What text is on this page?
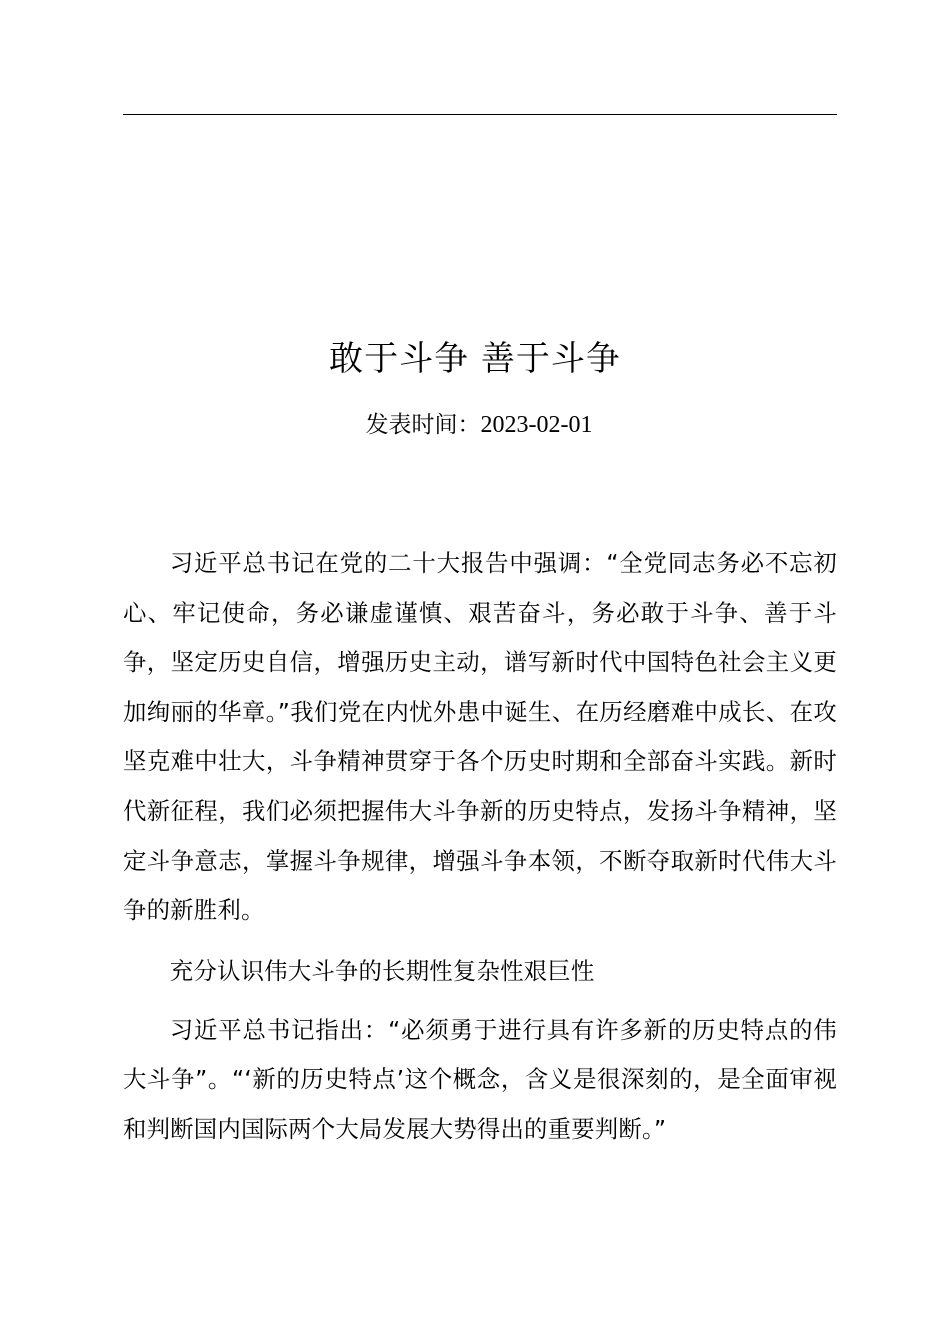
敢于斗争 善于斗争
发表时间：2023-02-01

习近平总书记在党的二十大报告中强调：“全党同志务必不忘初心、牢记使命，务必谦虚谨慎、艰苦奋斗，务必敢于斗争、善于斗争，坚定历史自信，增强历史主动，谱写新时代中国特色社会主义更加绚丽的华章。”我们党在内忧外患中诞生、在历经磨难中成长、在攻坚克难中壮大，斗争精神贯穿于各个历史时期和全部奋斗实践。新时代新征程，我们必须把握伟大斗争新的历史特点，发扬斗争精神，坚定斗争意志，掌握斗争规律，增强斗争本领，不断夺取新时代伟大斗争的新胜利。

充分认识伟大斗争的长期性复杂性艰巨性

习近平总书记指出：“必须勇于进行具有许多新的历史特点的伟大斗争”。“‘新的历史特点’这个概念，含义是很深刻的，是全面审视和判断国内国际两个大局发展大势得出的重要判断。”
